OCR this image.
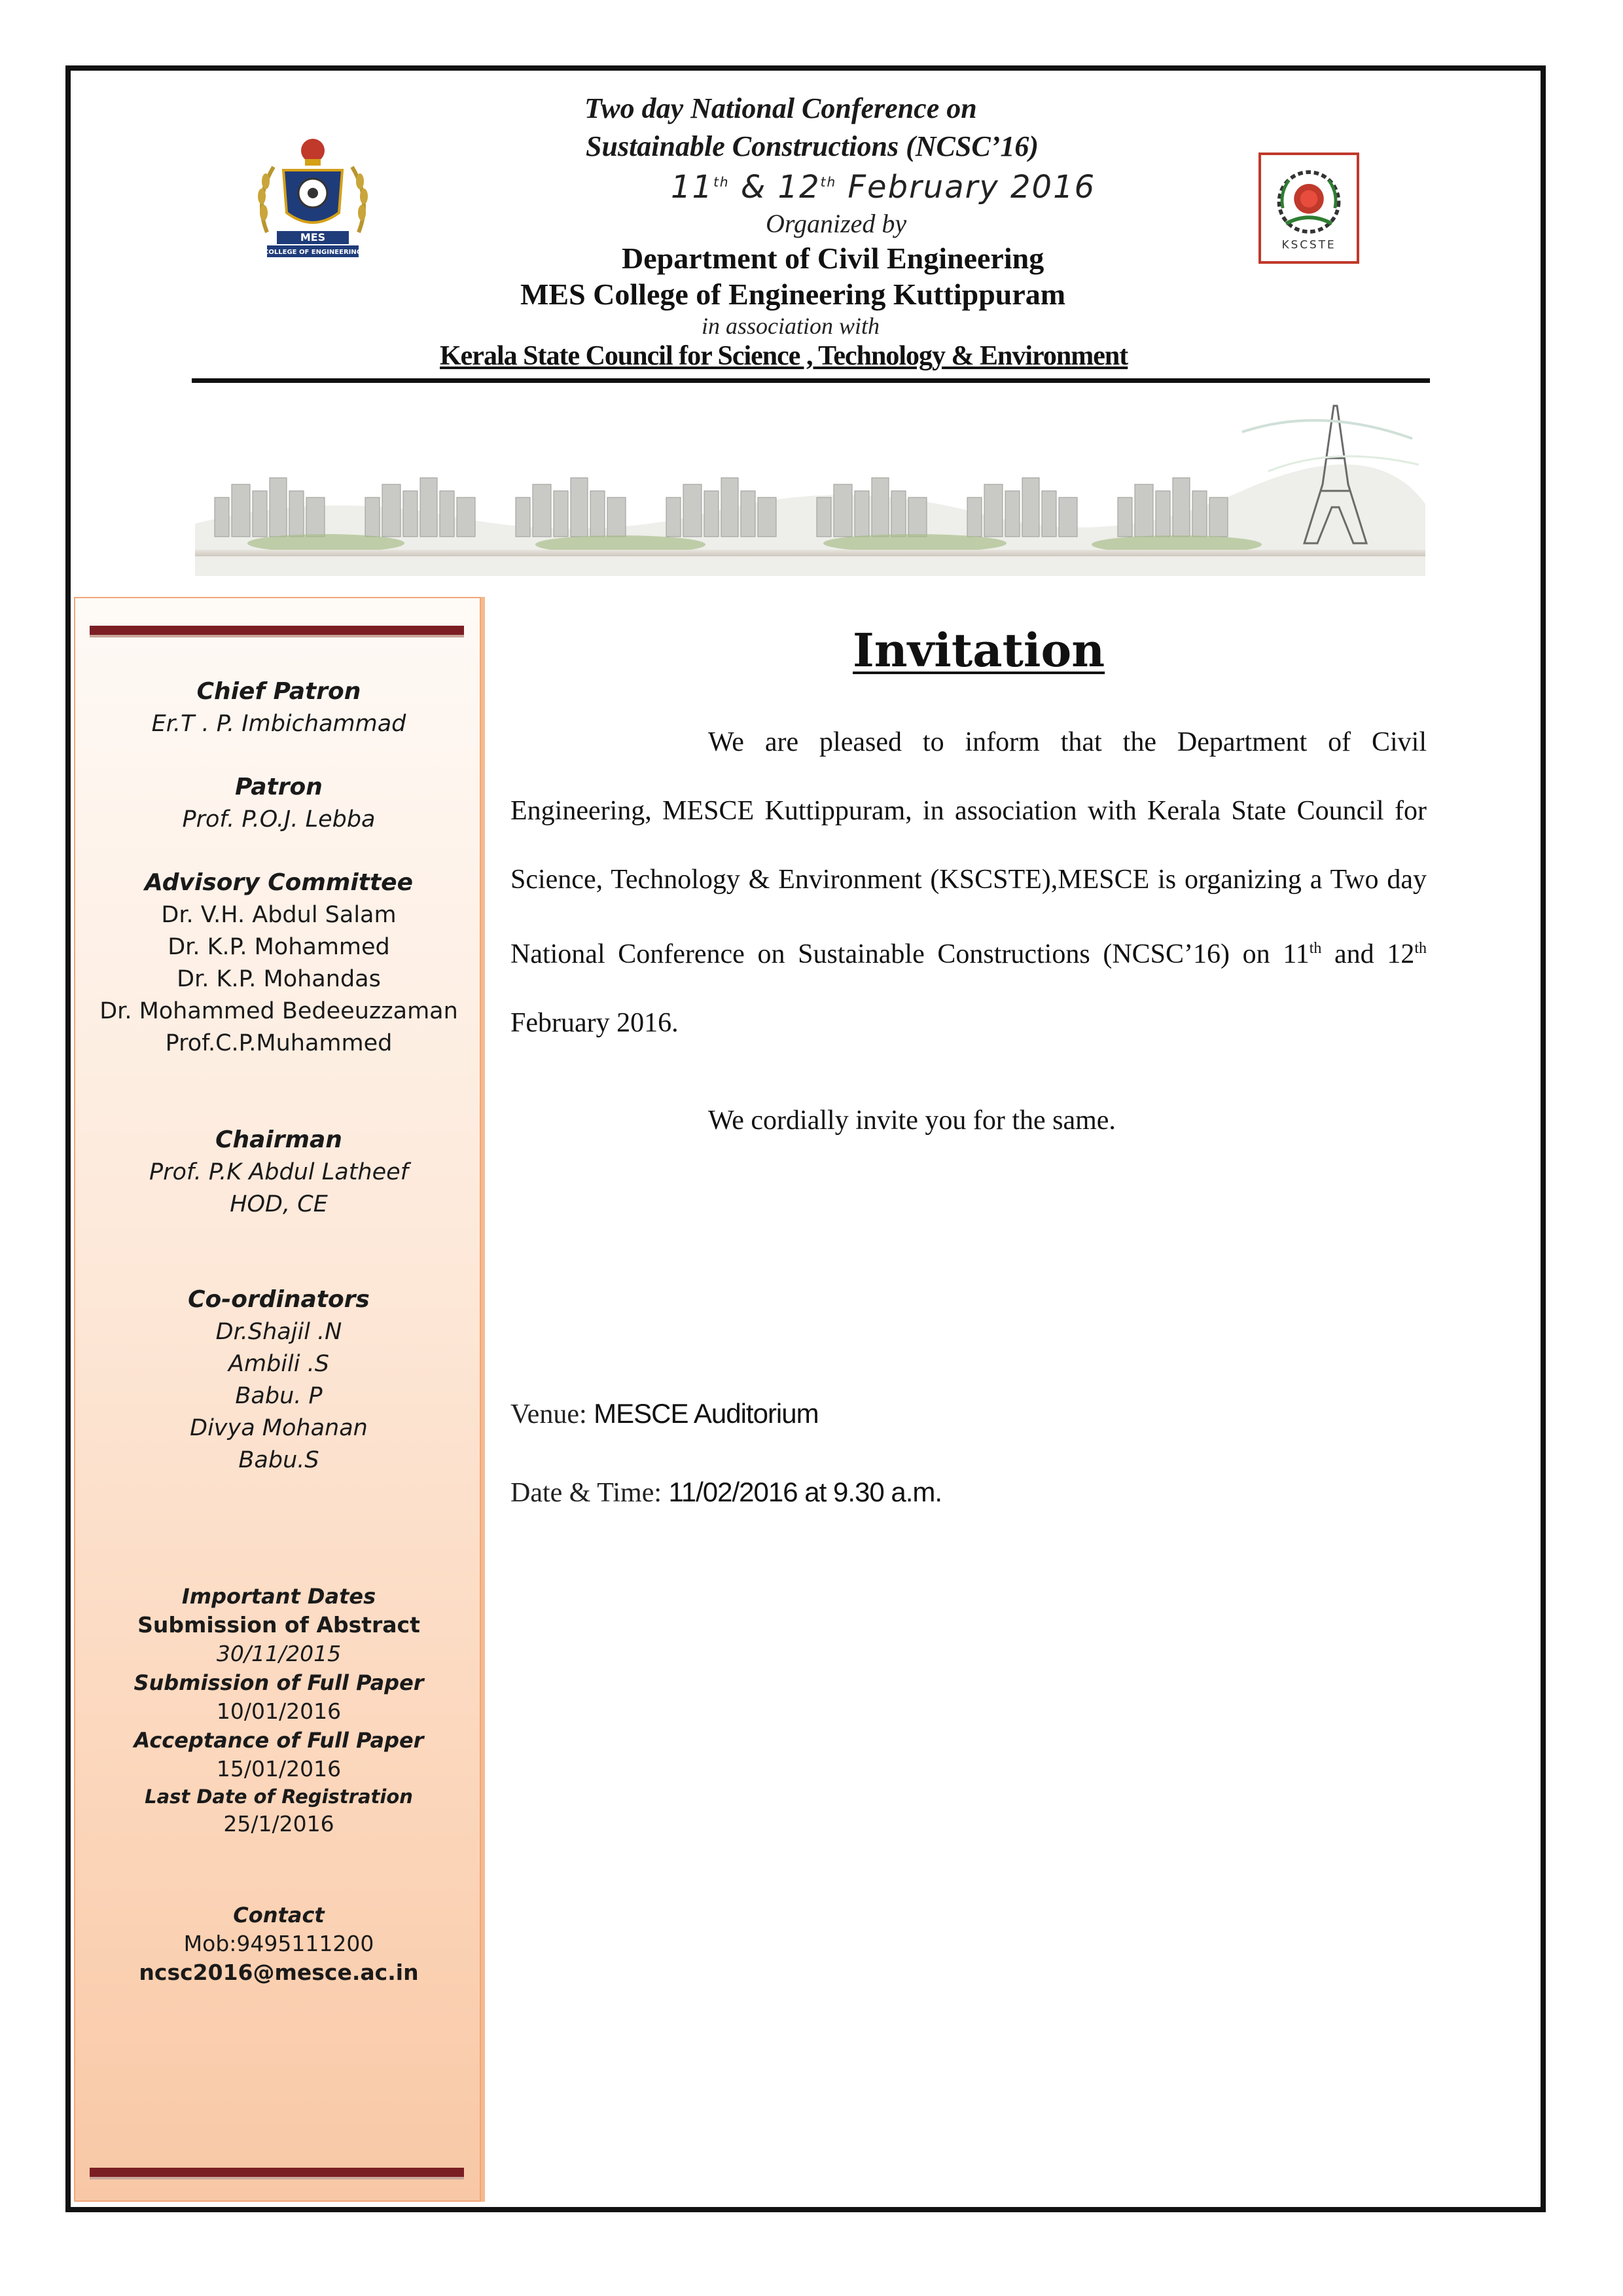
Two day National Conference on
Sustainable Constructions (NCSC’16)
11th & 12th February 2016
Organized by
Department of Civil Engineering
MES College of Engineering Kuttippuram
in association with
Kerala State Council for Science , Technology & Environment
MES
COLLEGE OF ENGINEERING
KSCSTE
Chief Patron
Er.T . P. Imbichammad
Patron
Prof. P.O.J. Lebba
Advisory Committee
Dr. V.H. Abdul Salam
Dr. K.P. Mohammed
Dr. K.P. Mohandas
Dr. Mohammed Bedeeuzzaman
Prof.C.P.Muhammed
Chairman
Prof. P.K Abdul Latheef
HOD, CE
Co-ordinators
Dr.Shajil .N
Ambili .S
Babu. P
Divya Mohanan
Babu.S
Important Dates
Submission of Abstract
30/11/2015
Submission of Full Paper
10/01/2016
Acceptance of Full Paper
15/01/2016
Last Date of Registration
25/1/2016
Contact
Mob:9495111200
ncsc2016@mesce.ac.in
Invitation
We are pleased to inform that the Department of Civil Engineering, MESCE Kuttippuram, in association with Kerala State Council for Science, Technology & Environment (KSCSTE),MESCE is organizing a Two day National Conference on Sustainable Constructions (NCSC’16) on 11th and 12th February 2016.
We cordially invite you for the same.
Venue: MESCE Auditorium
Date & Time: 11/02/2016 at 9.30 a.m.
